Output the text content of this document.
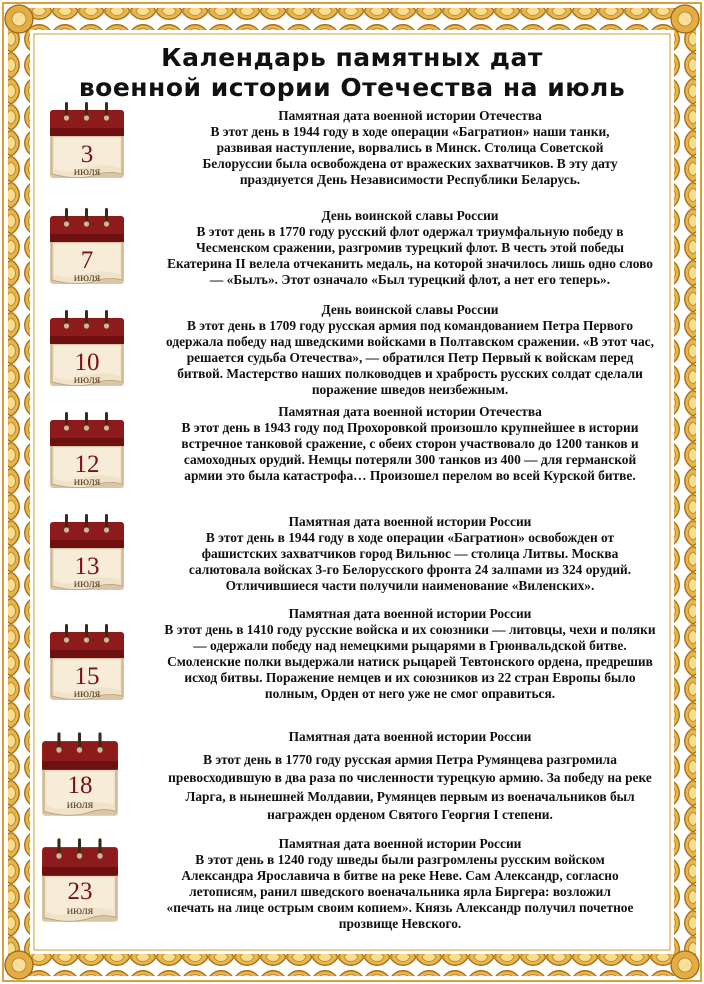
Календарь памятных дат
военной истории Отечества на июль
3
июля
7
июля
10
июля
12
июля
13
июля
15
июля
18
июля
23
июля
Памятная дата военной истории Отечества
В этот день в 1944 году в ходе операции «Багратион» наши танки, развивая наступление, ворвались в Минск. Столица Советской Белоруссии была освобождена от вражеских захватчиков. В эту дату празднуется День Независимости Республики Беларусь.
День воинской славы России
В этот день в 1770 году русский флот одержал триумфальную победу в Чесменском сражении, разгромив турецкий флот. В честь этой победы Екатерина II велела отчеканить медаль, на которой значилось лишь одно слово — «Былъ». Этот означало «Был турецкий флот, а нет его теперь».
День воинской славы России
В этот день в 1709 году русская армия под командованием Петра Первого одержала победу над шведскими войсками в Полтавском сражении. «В этот час, решается судьба Отечества», — обратился Петр Первый к войскам перед битвой. Мастерство наших полководцев и храбрость русских солдат сделали поражение шведов неизбежным.
Памятная дата военной истории Отечества
В этот день в 1943 году под Прохоровкой произошло крупнейшее в истории встречное танковой сражение, с обеих сторон участвовало до 1200 танков и самоходных орудий. Немцы потеряли 300 танков из 400 — для германской армии это была катастрофа… Произошел перелом во всей Курской битве.
Памятная дата военной истории России
В этот день в 1944 году в ходе операции «Багратион» освобожден от фашистских захватчиков город Вильнюс — столица Литвы. Москва салютовала войсках 3-го Белорусского фронта 24 залпами из 324 орудий. Отличившиеся части получили наименование «Виленских».
Памятная дата военной истории России
В этот день в 1410 году русские войска и их союзники — литовцы, чехи и поляки — одержали победу над немецкими рыцарями в Грюнвальдской битве. Смоленские полки выдержали натиск рыцарей Тевтонского ордена, предрешив исход битвы. Поражение немцев и их союзников из 22 стран Европы было полным, Орден от него уже не смог оправиться.
Памятная дата военной истории России
В этот день в 1770 году русская армия Петра Румянцева разгромила превосходившую в два раза по численности турецкую армию. За победу на реке Ларга, в нынешней Молдавии, Румянцев первым из военачальников был награжден орденом Святого Георгия I степени.
Памятная дата военной истории России
В этот день в 1240 году шведы были разгромлены русским войском Александра Ярославича в битве на реке Неве. Сам Александр, согласно летописям, ранил шведского военачальника ярла Биргера: возложил «печать на лице острым своим копием». Князь Александр получил почетное прозвище Невского.
